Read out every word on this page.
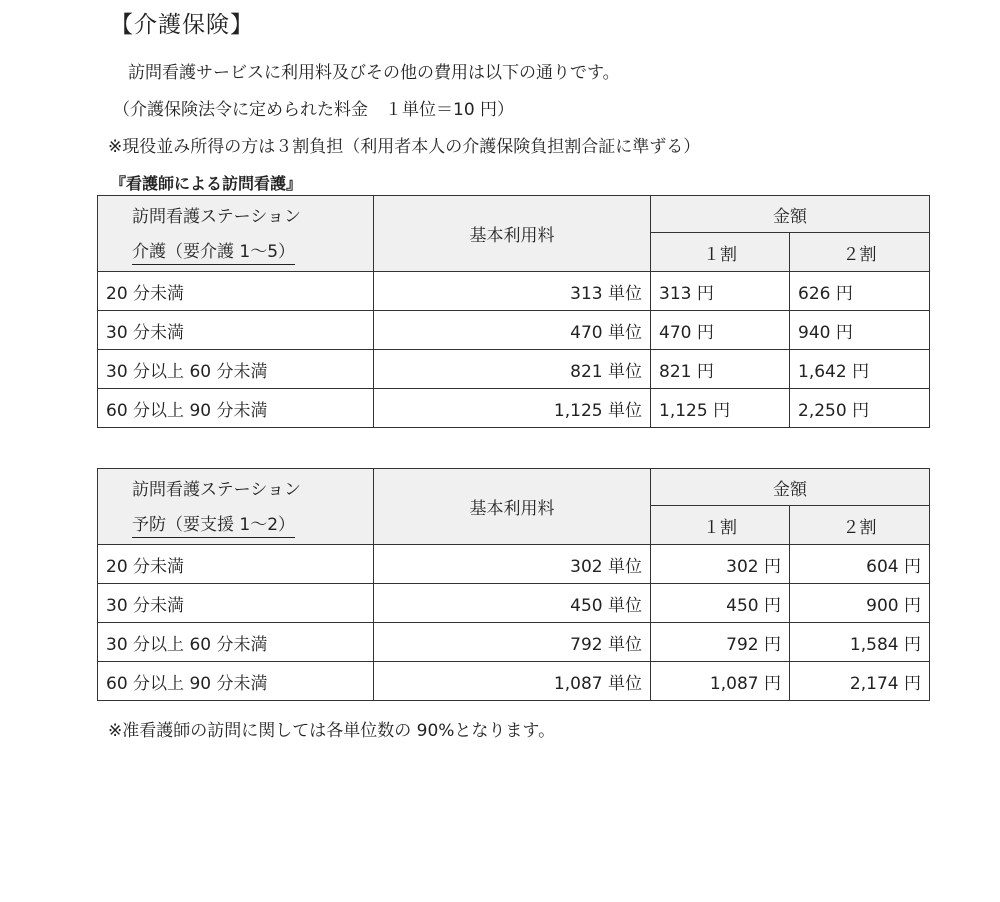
【介護保険】
訪問看護サービスに利用料及びその他の費用は以下の通りです。
（介護保険法令に定められた料金　１単位＝10 円）
※現役並み所得の方は３割負担（利用者本人の介護保険負担割合証に準ずる）
『看護師による訪問看護』
訪問看護ステーション
介護（要介護 1～5）	基本利用料	金額	
		１割	２割
20 分未満	313 単位	313 円	626 円
30 分未満	470 単位	470 円	940 円
30 分以上 60 分未満	821 単位	821 円	1,642 円
60 分以上 90 分未満	1,125 単位	1,125 円	2,250 円
訪問看護ステーション
予防（要支援 1～2）	基本利用料	金額	
		１割	２割
20 分未満	302 単位	302 円	604 円
30 分未満	450 単位	450 円	900 円
30 分以上 60 分未満	792 単位	792 円	1,584 円
60 分以上 90 分未満	1,087 単位	1,087 円	2,174 円
※准看護師の訪問に関しては各単位数の 90%となります。
